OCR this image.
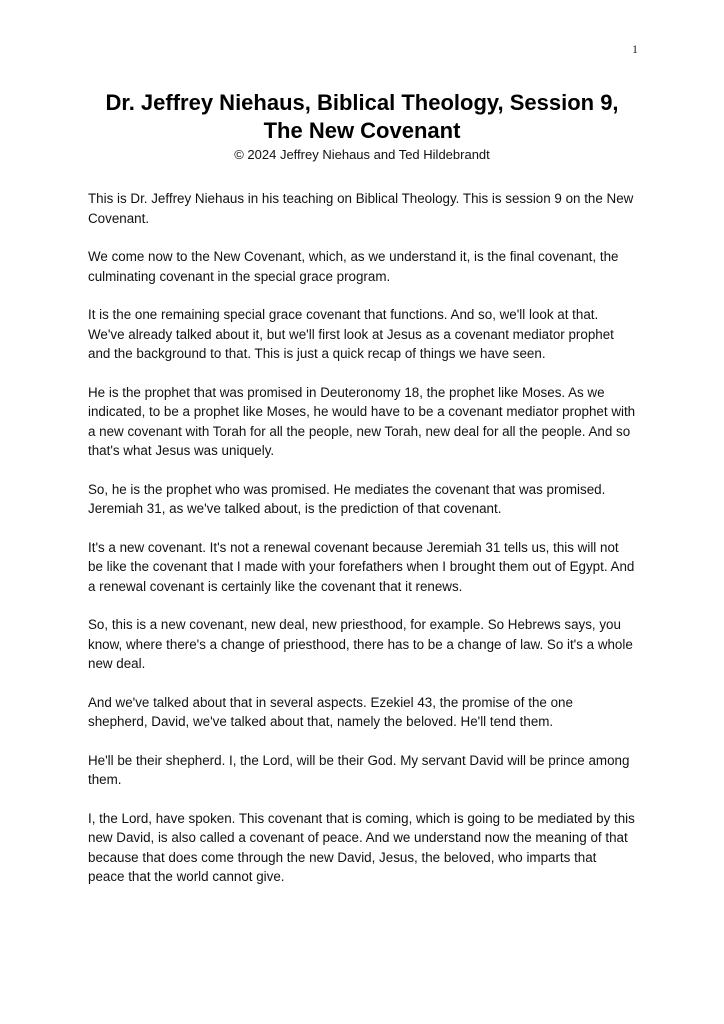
1
Dr. Jeffrey Niehaus, Biblical Theology, Session 9,
The New Covenant

© 2024 Jeffrey Niehaus and Ted Hildebrandt

This is Dr. Jeffrey Niehaus in his teaching on Biblical Theology. This is session 9 on the New Covenant.

We come now to the New Covenant, which, as we understand it, is the final covenant, the culminating covenant in the special grace program.

It is the one remaining special grace covenant that functions. And so, we'll look at that. We've already talked about it, but we'll first look at Jesus as a covenant mediator prophet and the background to that. This is just a quick recap of things we have seen.

He is the prophet that was promised in Deuteronomy 18, the prophet like Moses. As we indicated, to be a prophet like Moses, he would have to be a covenant mediator prophet with a new covenant with Torah for all the people, new Torah, new deal for all the people. And so that's what Jesus was uniquely.

So, he is the prophet who was promised. He mediates the covenant that was promised. Jeremiah 31, as we've talked about, is the prediction of that covenant.

It's a new covenant. It's not a renewal covenant because Jeremiah 31 tells us, this will not be like the covenant that I made with your forefathers when I brought them out of Egypt. And a renewal covenant is certainly like the covenant that it renews.

So, this is a new covenant, new deal, new priesthood, for example. So Hebrews says, you know, where there's a change of priesthood, there has to be a change of law. So it's a whole new deal.

And we've talked about that in several aspects. Ezekiel 43, the promise of the one shepherd, David, we've talked about that, namely the beloved. He'll tend them.

He'll be their shepherd. I, the Lord, will be their God. My servant David will be prince among them.

I, the Lord, have spoken. This covenant that is coming, which is going to be mediated by this new David, is also called a covenant of peace. And we understand now the meaning of that because that does come through the new David, Jesus, the beloved, who imparts that peace that the world cannot give.
